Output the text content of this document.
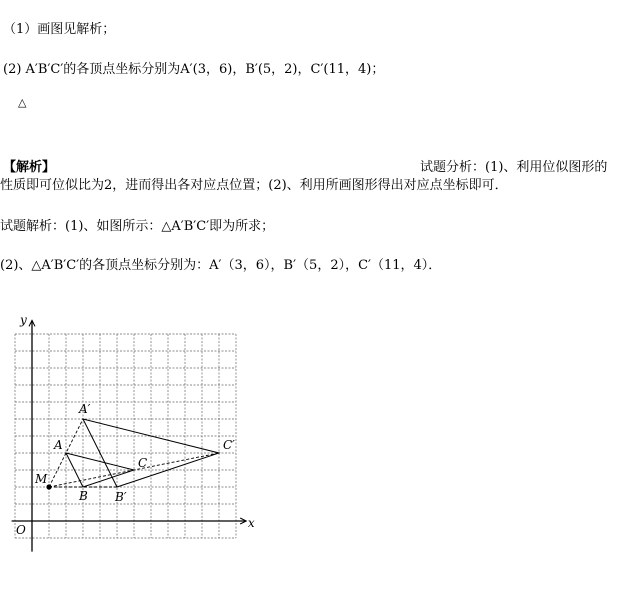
（1）画图见解析；
(2) A′B′C′的各顶点坐标分别为A′(3，6)，B′(5，2)，C′(11，4)；
△
【解析】	试题分析：(1)、利用位似图形的
性质即可位似比为2，进而得出各对应点位置；(2)、利用所画图形得出对应点坐标即可．
试题解析：(1)、如图所示：△A′B′C′即为所求；
(2)、△A′B′C′的各顶点坐标分别为：A′（3，6），B′（5，2），C′（11，4）．
x
y
O
A
B
C
A′
B′
C′
M
